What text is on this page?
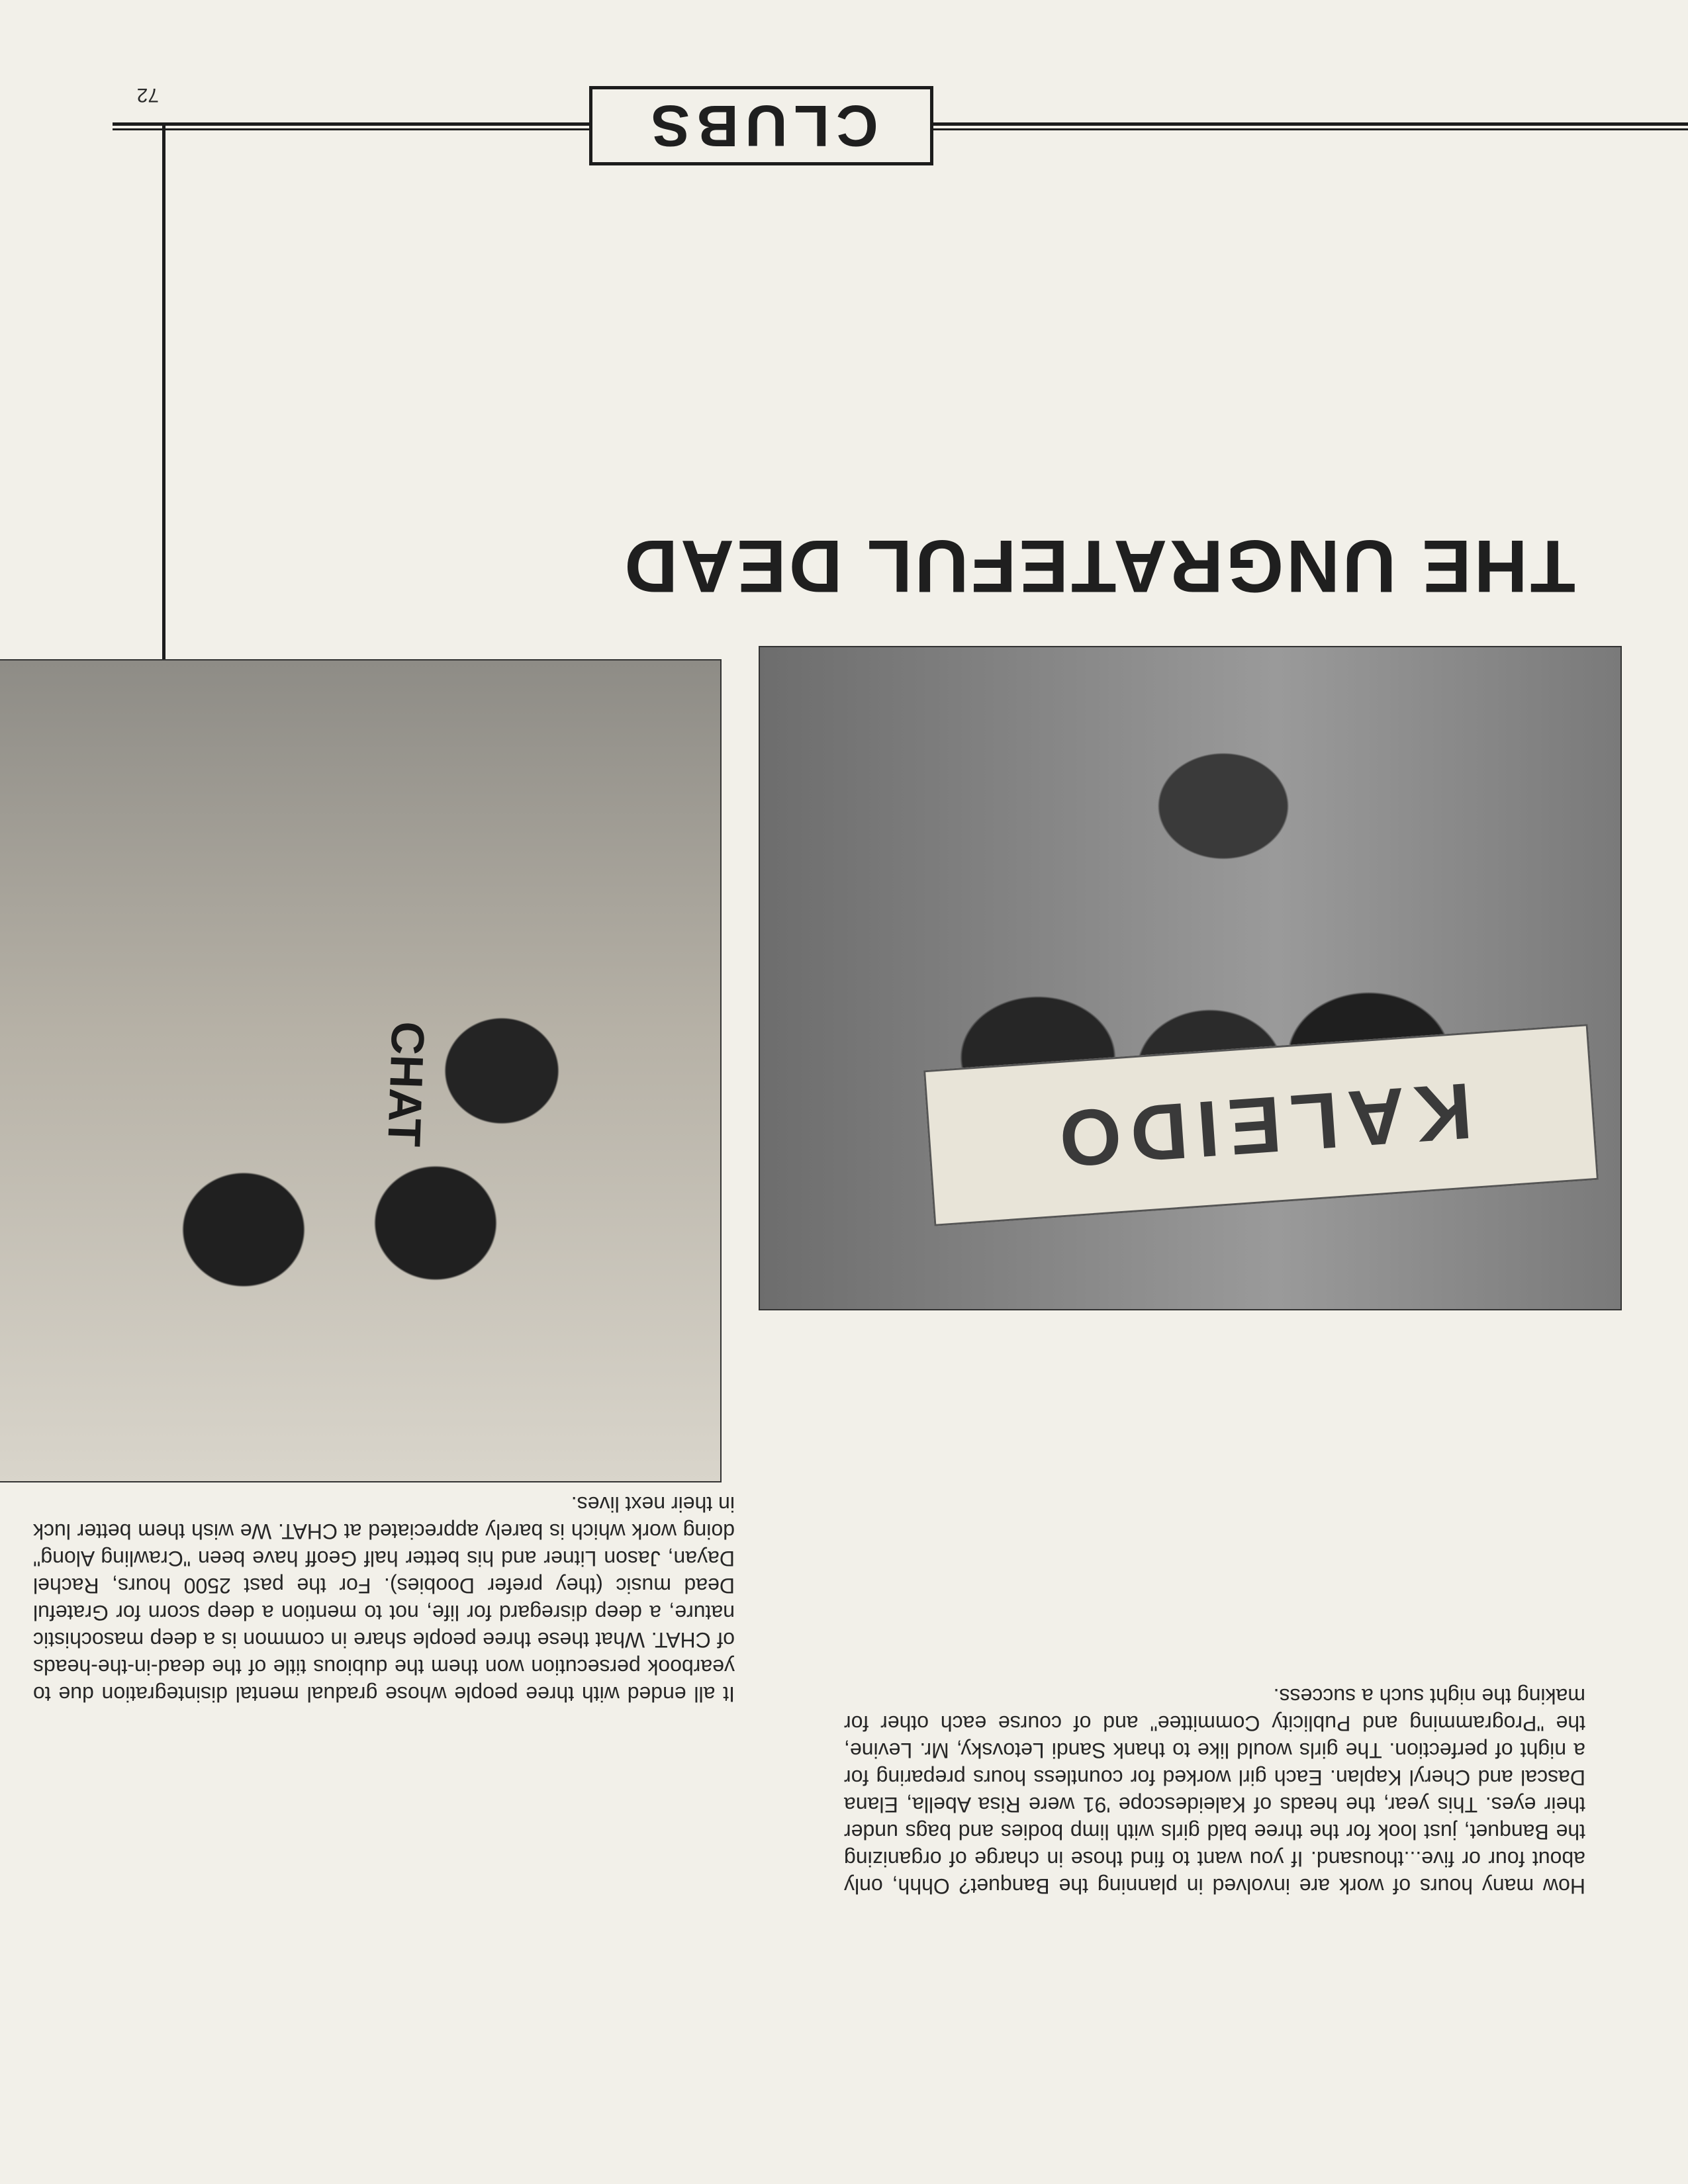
CLUBS
THE UNGRATEFUL DEAD
72
KALEIDO
CHAT

How many hours of work are involved in planning the Banquet? Ohhh, only about four or five...thousand. If you want to find those in charge of organizing the Banquet, just look for the three bald girls with limp bodies and bags under their eyes. This year, the heads of Kaleidescope '91 were Risa Abella, Elana Dascal and Cheryl Kaplan. Each girl worked for countless hours preparing for a night of perfection. The girls would like to thank Sandi Letovsky, Mr. Levine, the "Programming and Publicity Committee" and of course each other for making the night such a success.

It all ended with three people whose gradual mental disintegration due to yearbook persecution won them the dubious title of the dead-in-the-heads of CHAT. What these three people share in common is a deep masochistic nature, a deep disregard for life, not to mention a deep scorn for Grateful Dead music (they prefer Doobies). For the past 2500 hours, Rachel Dayan, Jason Litner and his better half Geoff have been "Crawling Along" doing work which is barely appreciated at CHAT. We wish them better luck in their next lives.
